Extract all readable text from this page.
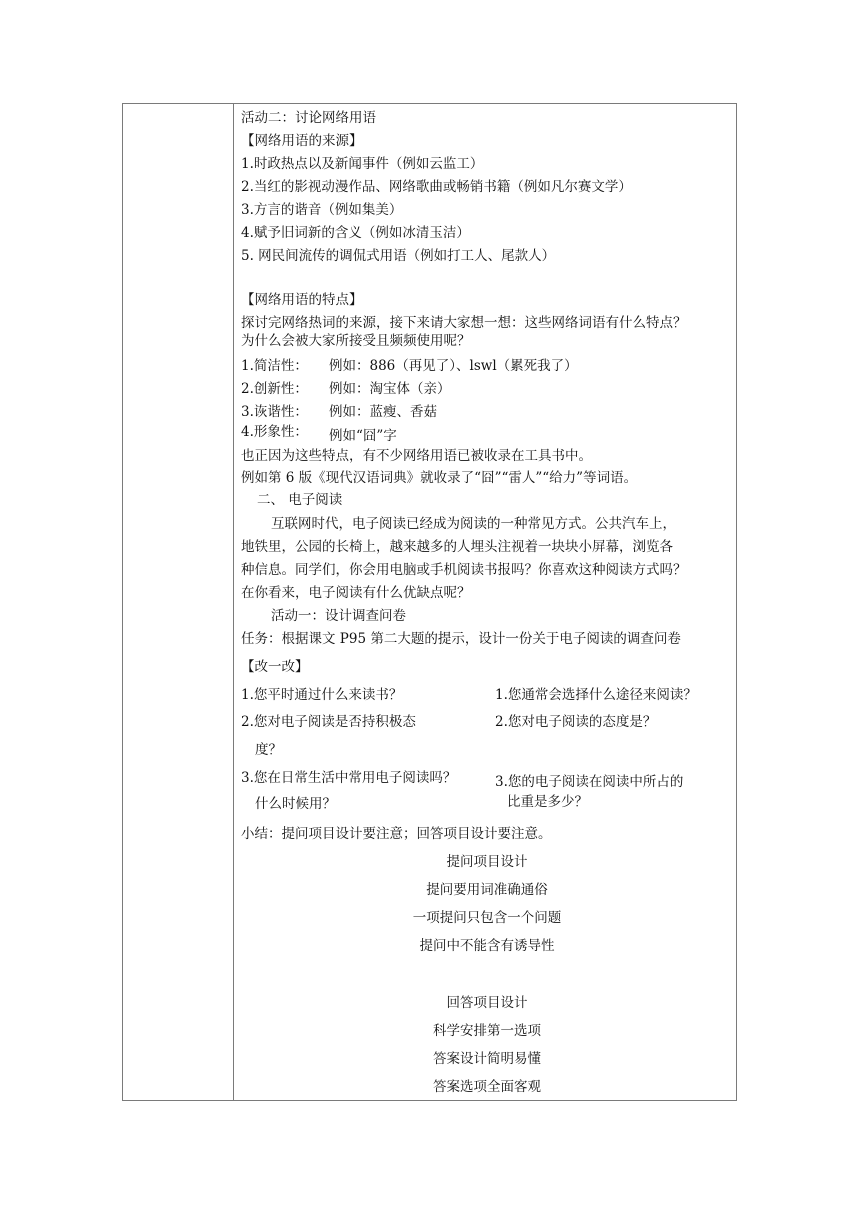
活动二：讨论网络用语
【网络用语的来源】
1.时政热点以及新闻事件（例如云监工）
2.当红的影视动漫作品、网络歌曲或畅销书籍（例如凡尔赛文学）
3.方言的谐音（例如集美）
4.赋予旧词新的含义（例如冰清玉洁）
5. 网民间流传的调侃式用语（例如打工人、尾款人）
【网络用语的特点】
探讨完网络热词的来源，接下来请大家想一想：这些网络词语有什么特点？
为什么会被大家所接受且频频使用呢？
1.简洁性： 例如：886（再见了）、lswl（累死我了）
2.创新性： 例如：淘宝体（亲）
3.诙谐性： 例如：蓝瘦、香菇
4.形象性： 例如“囧”字
也正因为这些特点，有不少网络用语已被收录在工具书中。
例如第 6 版《现代汉语词典》就收录了“囧”“雷人”“给力”等词语。
二、 电子阅读
互联网时代，电子阅读已经成为阅读的一种常见方式。公共汽车上，
地铁里，公园的长椅上，越来越多的人埋头注视着一块块小屏幕，浏览各
种信息。同学们，你会用电脑或手机阅读书报吗？你喜欢这种阅读方式吗？
在你看来，电子阅读有什么优缺点呢？
活动一：设计调查问卷
任务：根据课文 P95 第二大题的提示，设计一份关于电子阅读的调查问卷
【改一改】
1.您平时通过什么来读书？	1.您通常会选择什么途径来阅读？
2.您对电子阅读是否持积极态	2.您对电子阅读的态度是？
度？
3.您在日常生活中常用电子阅读吗？	3.您的电子阅读在阅读中所占的
什么时候用？	比重是多少？
小结：提问项目设计要注意；回答项目设计要注意。
提问项目设计
提问要用词准确通俗
一项提问只包含一个问题
提问中不能含有诱导性
回答项目设计
科学安排第一选项
答案设计简明易懂
答案选项全面客观
